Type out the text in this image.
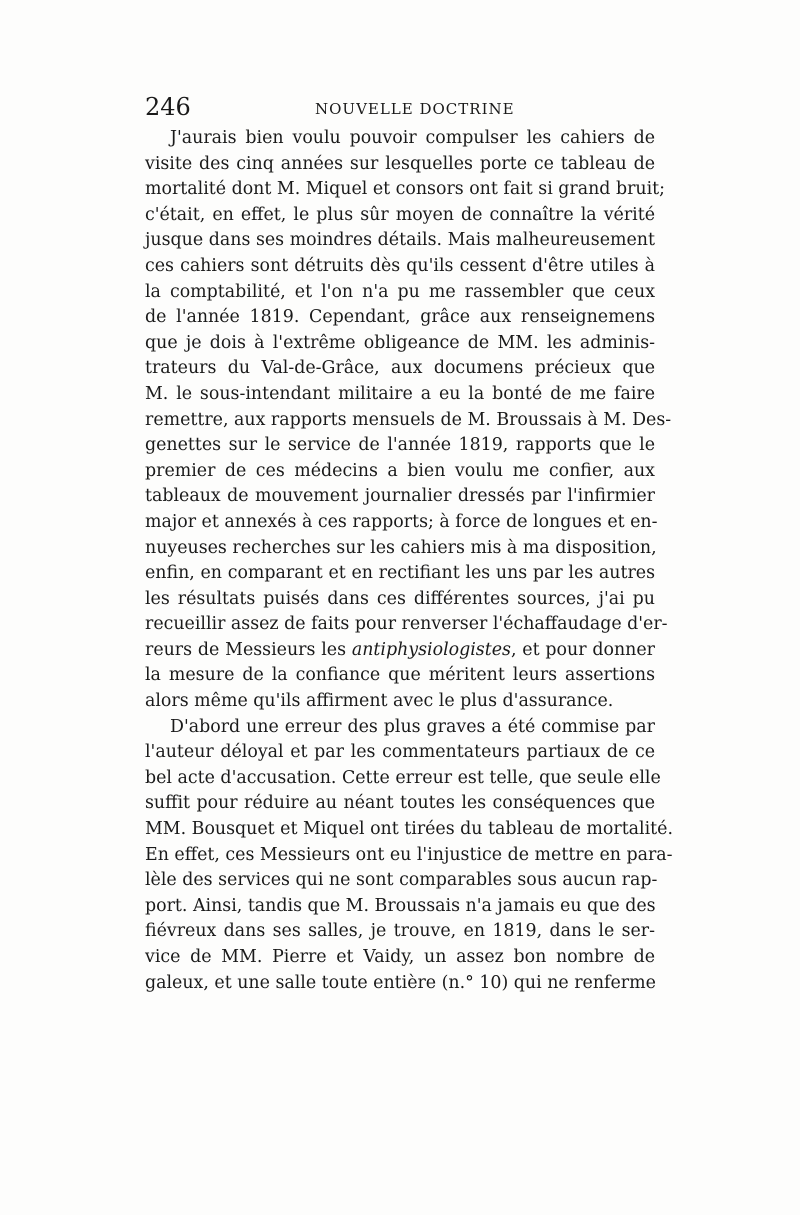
246	NOUVELLE DOCTRINE
J'aurais bien voulu pouvoir compulser les cahiers de
visite des cinq années sur lesquelles porte ce tableau de
mortalité dont M. Miquel et consors ont fait si grand bruit;
c'était, en effet, le plus sûr moyen de connaître la vérité
jusque dans ses moindres détails. Mais malheureusement
ces cahiers sont détruits dès qu'ils cessent d'être utiles à
la comptabilité, et l'on n'a pu me rassembler que ceux
de l'année 1819. Cependant, grâce aux renseignemens
que je dois à l'extrême obligeance de MM. les adminis-
trateurs du Val-de-Grâce, aux documens précieux que
M. le sous-intendant militaire a eu la bonté de me faire
remettre, aux rapports mensuels de M. Broussais à M. Des-
genettes sur le service de l'année 1819, rapports que le
premier de ces médecins a bien voulu me confier, aux
tableaux de mouvement journalier dressés par l'infirmier
major et annexés à ces rapports; à force de longues et en-
nuyeuses recherches sur les cahiers mis à ma disposition,
enfin, en comparant et en rectifiant les uns par les autres
les résultats puisés dans ces différentes sources, j'ai pu
recueillir assez de faits pour renverser l'échaffaudage d'er-
reurs de Messieurs les antiphysiologistes, et pour donner
la mesure de la confiance que méritent leurs assertions
alors même qu'ils affirment avec le plus d'assurance.
D'abord une erreur des plus graves a été commise par
l'auteur déloyal et par les commentateurs partiaux de ce
bel acte d'accusation. Cette erreur est telle, que seule elle
suffit pour réduire au néant toutes les conséquences que
MM. Bousquet et Miquel ont tirées du tableau de mortalité.
En effet, ces Messieurs ont eu l'injustice de mettre en para-
lèle des services qui ne sont comparables sous aucun rap-
port. Ainsi, tandis que M. Broussais n'a jamais eu que des
fiévreux dans ses salles, je trouve, en 1819, dans le ser-
vice de MM. Pierre et Vaidy, un assez bon nombre de
galeux, et une salle toute entière (n.° 10) qui ne renferme
